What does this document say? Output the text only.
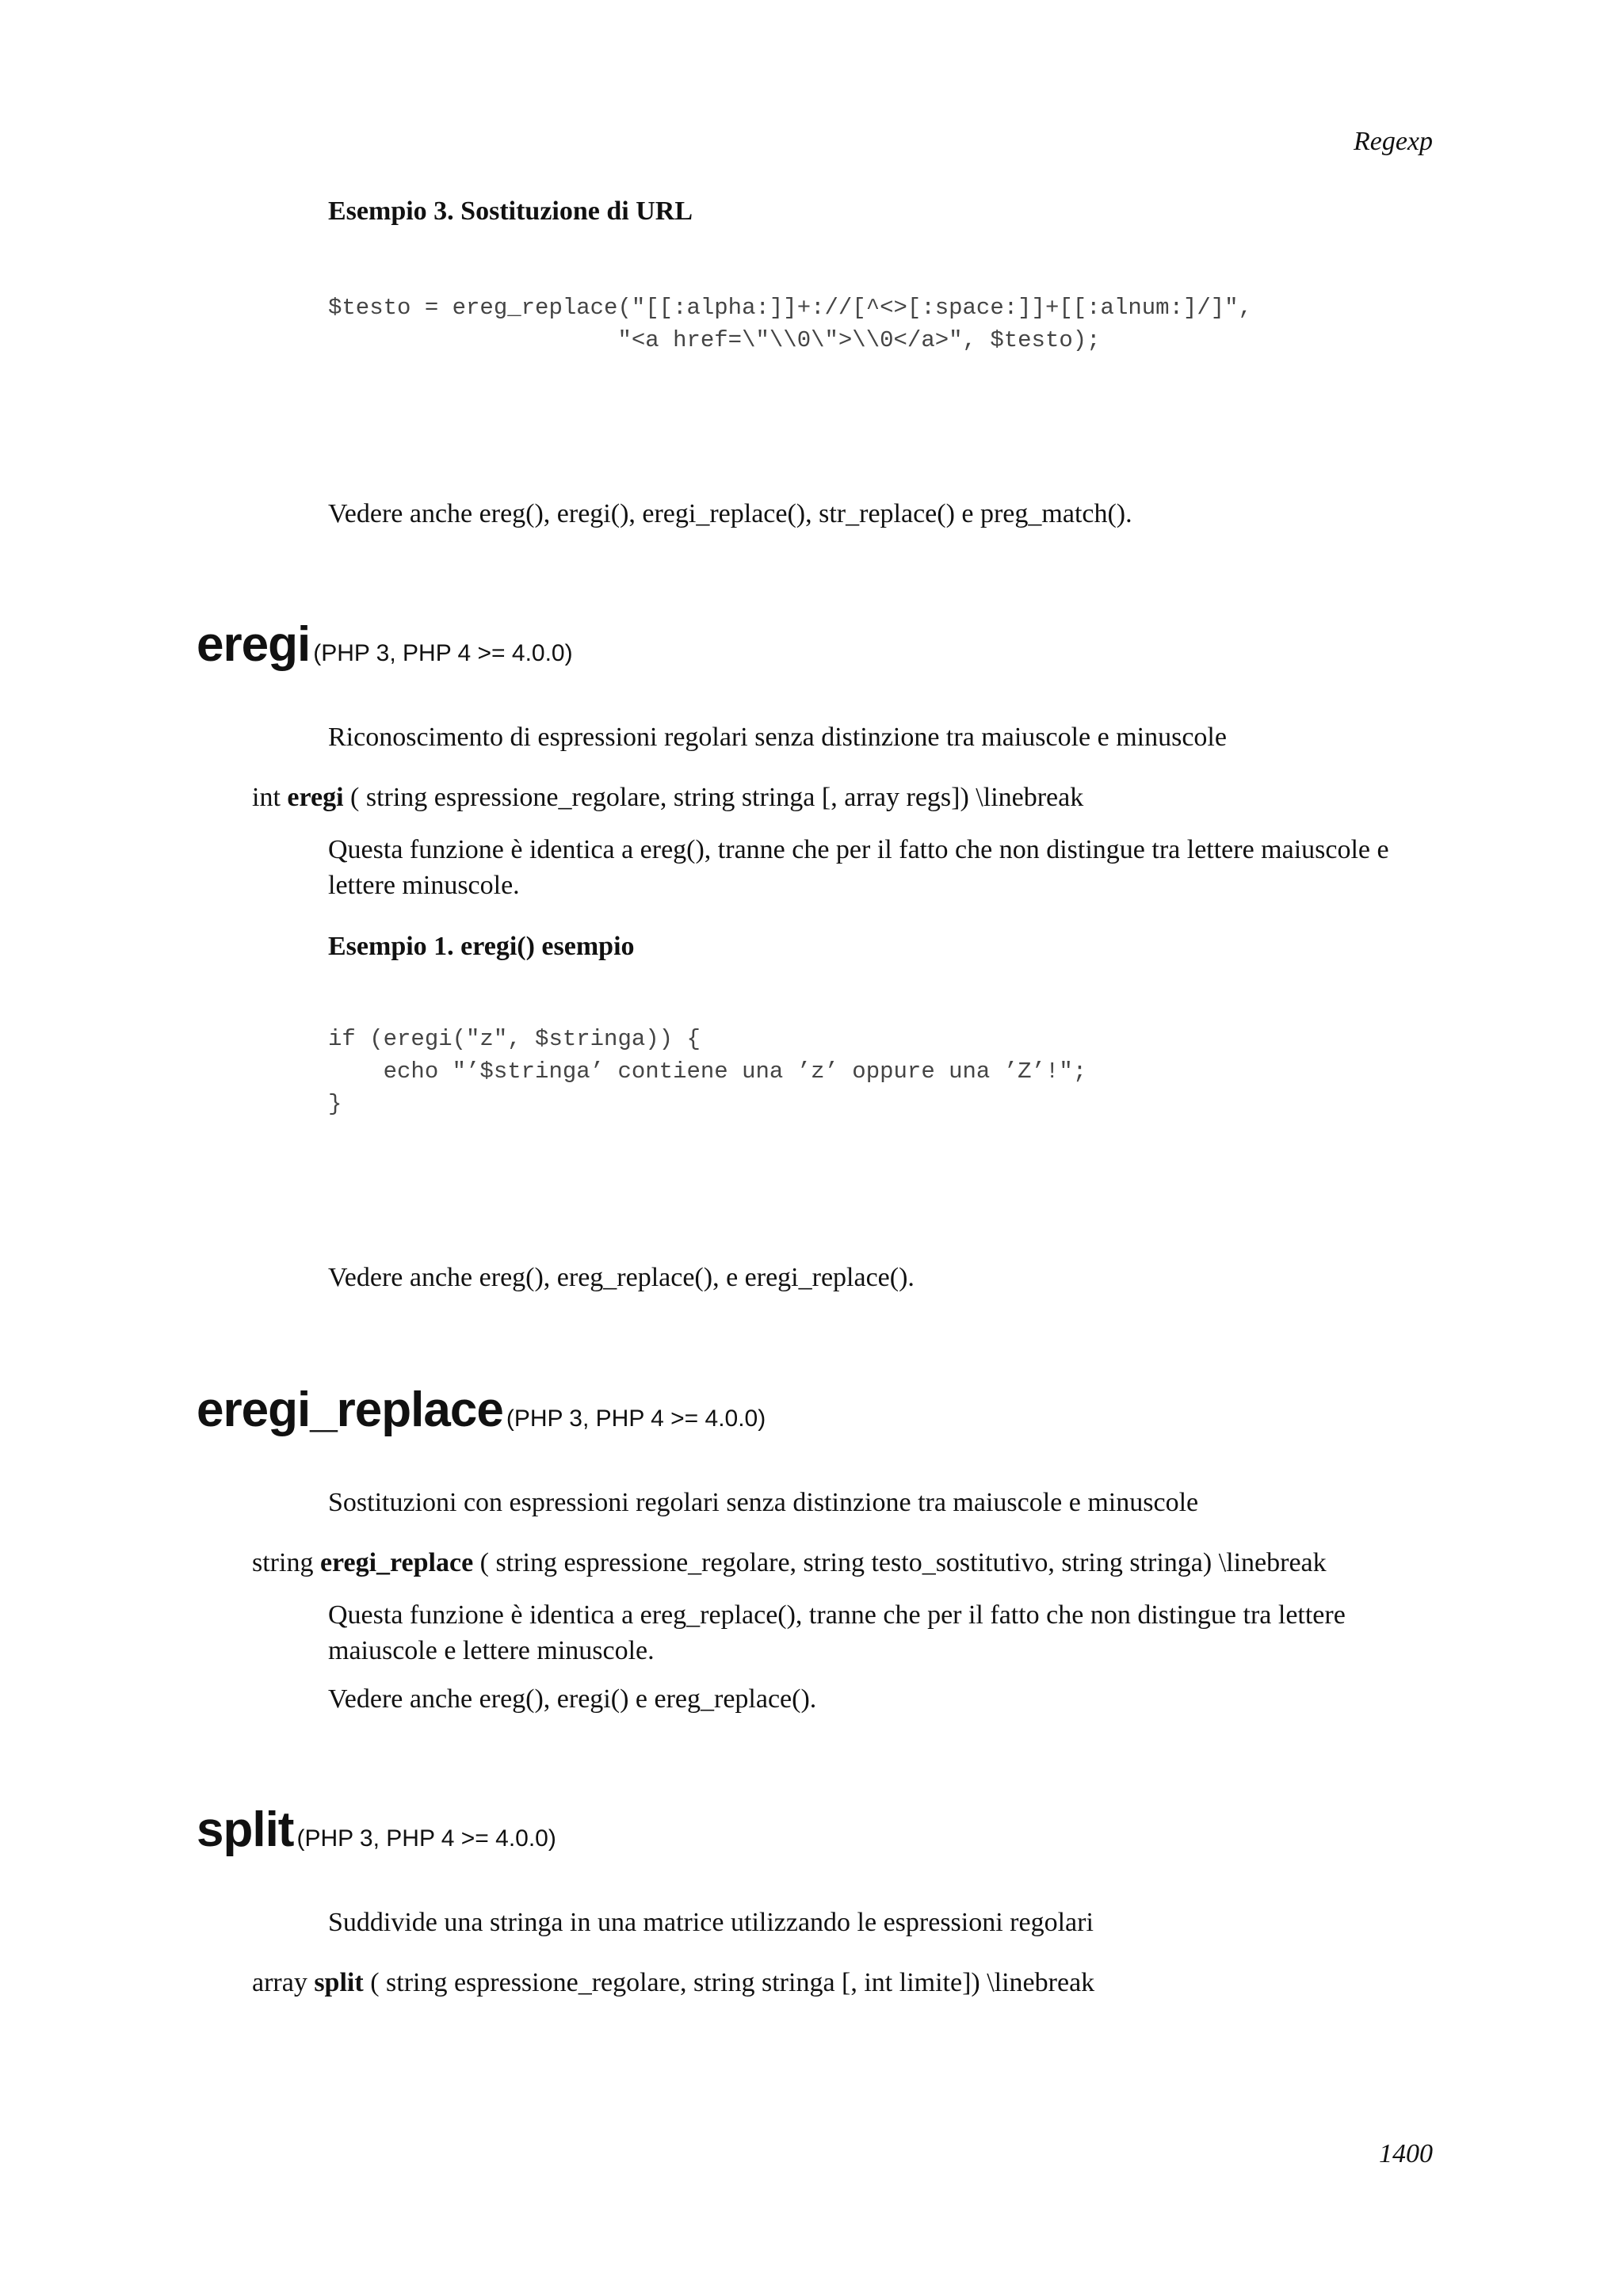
Regexp
Esempio 3. Sostituzione di URL
$testo = ereg_replace("[[:alpha:]]+://[^<>[:space:]]+[[:alnum:]/]",
"<a href=\"\\0\">\\0</a>", $testo);
Vedere anche ereg(), eregi(), eregi_replace(), str_replace() e preg_match().
eregi (PHP 3, PHP 4 >= 4.0.0)
Riconoscimento di espressioni regolari senza distinzione tra maiuscole e minuscole
int eregi ( string espressione_regolare, string stringa [, array regs]) \linebreak
Questa funzione è identica a ereg(), tranne che per il fatto che non distingue tra lettere maiuscole e lettere minuscole.
Esempio 1. eregi() esempio
if (eregi("z", $stringa)) {
echo "’$stringa’ contiene una ’z’ oppure una ’Z’!";
}
Vedere anche ereg(), ereg_replace(), e eregi_replace().
eregi_replace (PHP 3, PHP 4 >= 4.0.0)
Sostituzioni con espressioni regolari senza distinzione tra maiuscole e minuscole
string eregi_replace ( string espressione_regolare, string testo_sostitutivo, string stringa) \linebreak
Questa funzione è identica a ereg_replace(), tranne che per il fatto che non distingue tra lettere maiuscole e lettere minuscole.
Vedere anche ereg(), eregi() e ereg_replace().
split (PHP 3, PHP 4 >= 4.0.0)
Suddivide una stringa in una matrice utilizzando le espressioni regolari
array split ( string espressione_regolare, string stringa [, int limite]) \linebreak
1400
